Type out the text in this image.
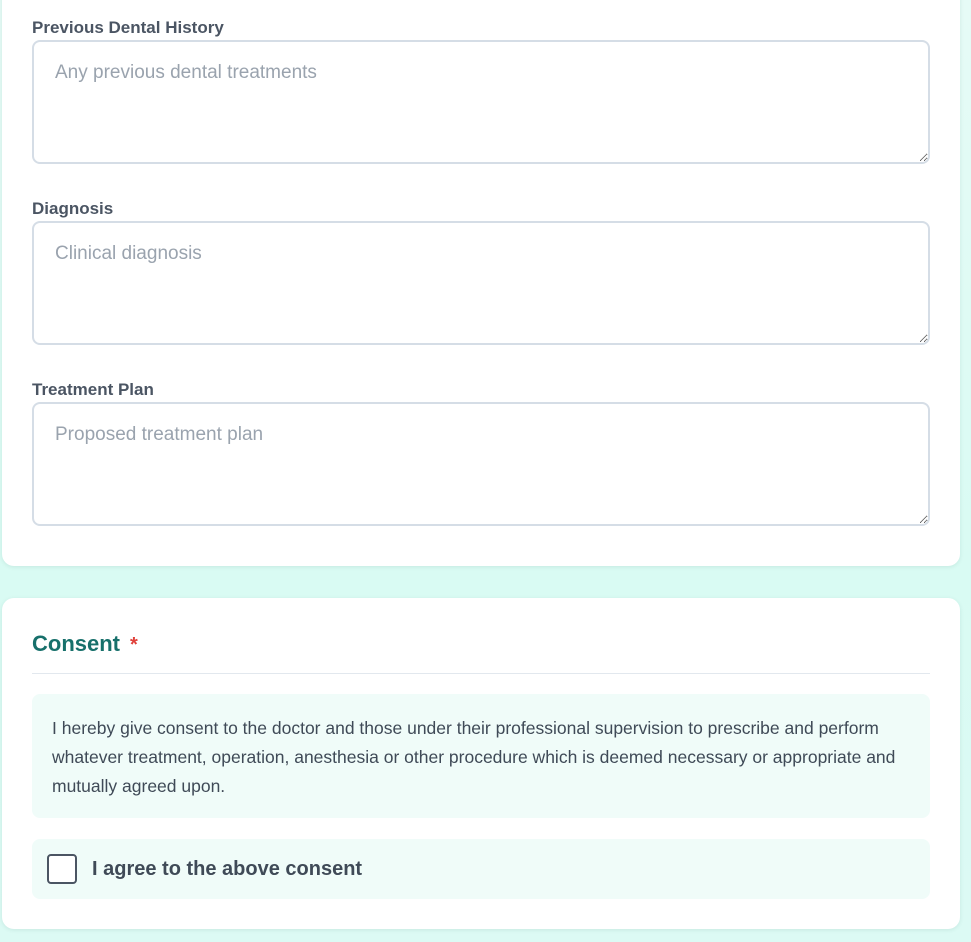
Previous Dental History
Any previous dental treatments
Diagnosis
Clinical diagnosis
Treatment Plan
Proposed treatment plan
Consent *
I hereby give consent to the doctor and those under their professional supervision to prescribe and perform whatever treatment, operation, anesthesia or other procedure which is deemed necessary or appropriate and mutually agreed upon.
I agree to the above consent
